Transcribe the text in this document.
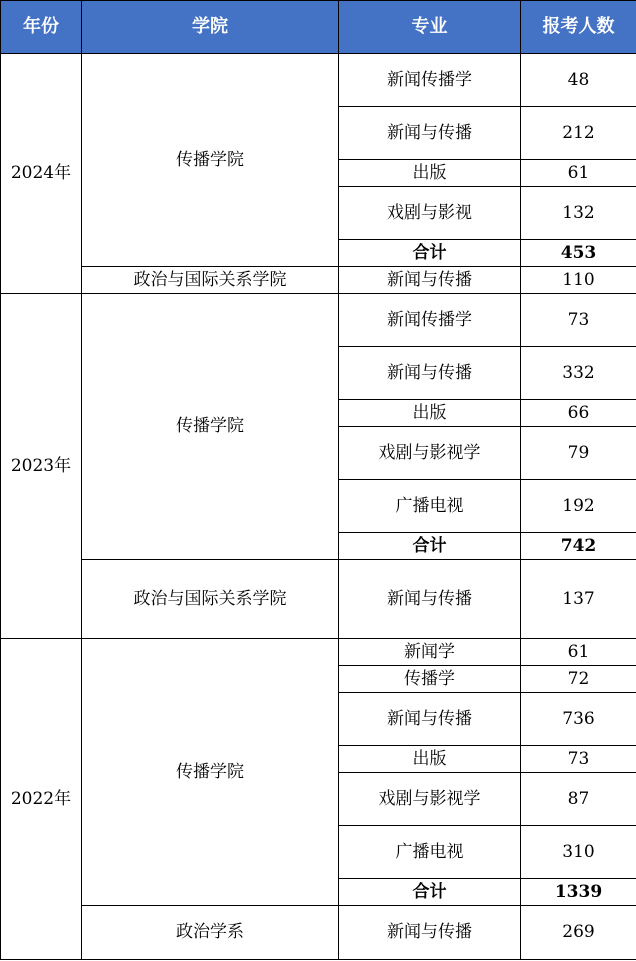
年份	学院	专业	报考人数
2024年	传播学院	新闻传播学	48
		新闻与传播	212
		出版	61
		戏剧与影视	132
		合计	453
	政治与国际关系学院	新闻与传播	110
2023年	传播学院	新闻传播学	73
		新闻与传播	332
		出版	66
		戏剧与影视学	79
		广播电视	192
		合计	742
	政治与国际关系学院	新闻与传播	137
2022年	传播学院	新闻学	61
		传播学	72
		新闻与传播	736
		出版	73
		戏剧与影视学	87
		广播电视	310
		合计	1339
	政治学系	新闻与传播	269
